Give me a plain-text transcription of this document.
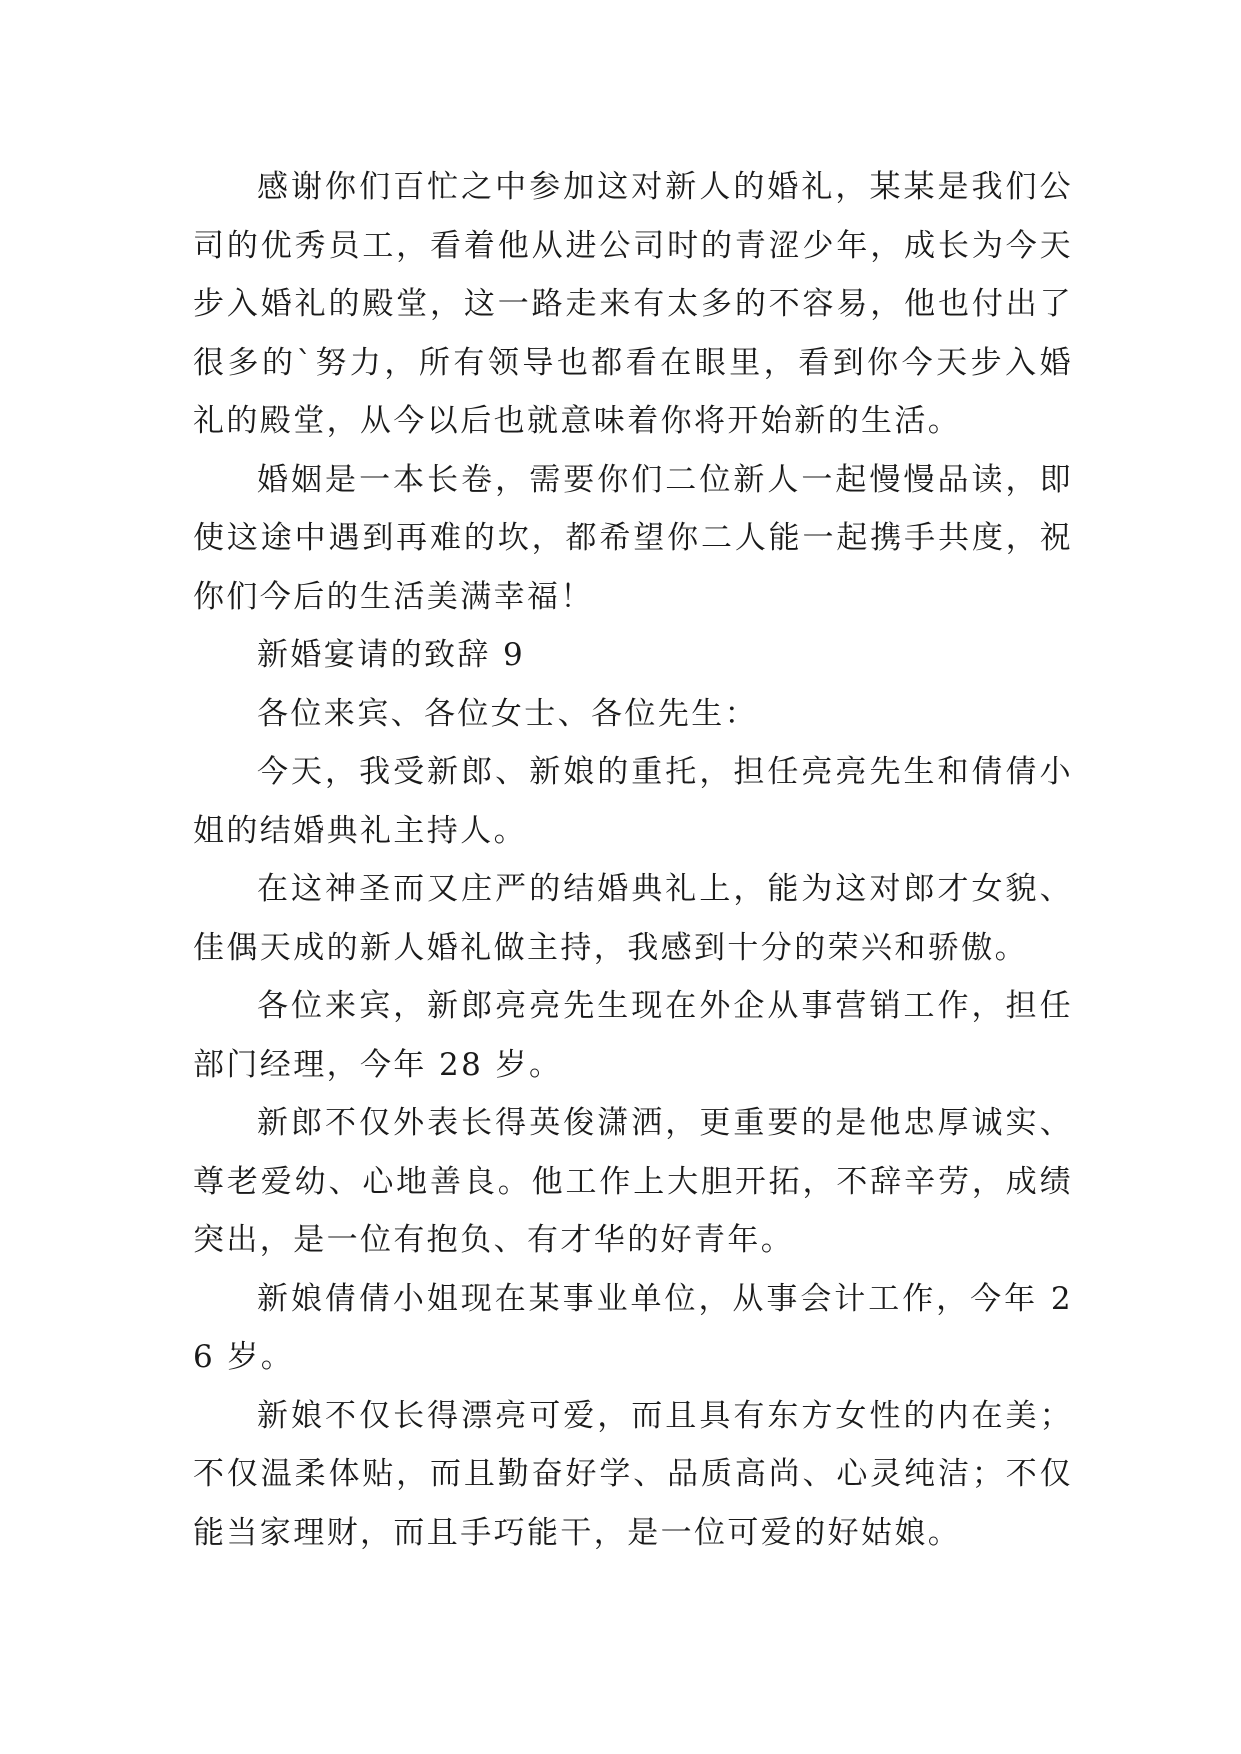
感谢你们百忙之中参加这对新人的婚礼，某某是我们公司的优秀员工，看着他从进公司时的青涩少年，成长为今天步入婚礼的殿堂，这一路走来有太多的不容易，他也付出了很多的`努力，所有领导也都看在眼里，看到你今天步入婚礼的殿堂，从今以后也就意味着你将开始新的生活。

婚姻是一本长卷，需要你们二位新人一起慢慢品读，即使这途中遇到再难的坎，都希望你二人能一起携手共度，祝你们今后的生活美满幸福！

新婚宴请的致辞 9

各位来宾、各位女士、各位先生：

今天，我受新郎、新娘的重托，担任亮亮先生和倩倩小姐的结婚典礼主持人。

在这神圣而又庄严的结婚典礼上，能为这对郎才女貌、佳偶天成的新人婚礼做主持，我感到十分的荣兴和骄傲。

各位来宾，新郎亮亮先生现在外企从事营销工作，担任部门经理，今年 28 岁。

新郎不仅外表长得英俊潇洒，更重要的是他忠厚诚实、尊老爱幼、心地善良。他工作上大胆开拓，不辞辛劳，成绩突出，是一位有抱负、有才华的好青年。

新娘倩倩小姐现在某事业单位，从事会计工作，今年 26 岁。

新娘不仅长得漂亮可爱，而且具有东方女性的内在美；不仅温柔体贴，而且勤奋好学、品质高尚、心灵纯洁；不仅能当家理财，而且手巧能干，是一位可爱的好姑娘。
